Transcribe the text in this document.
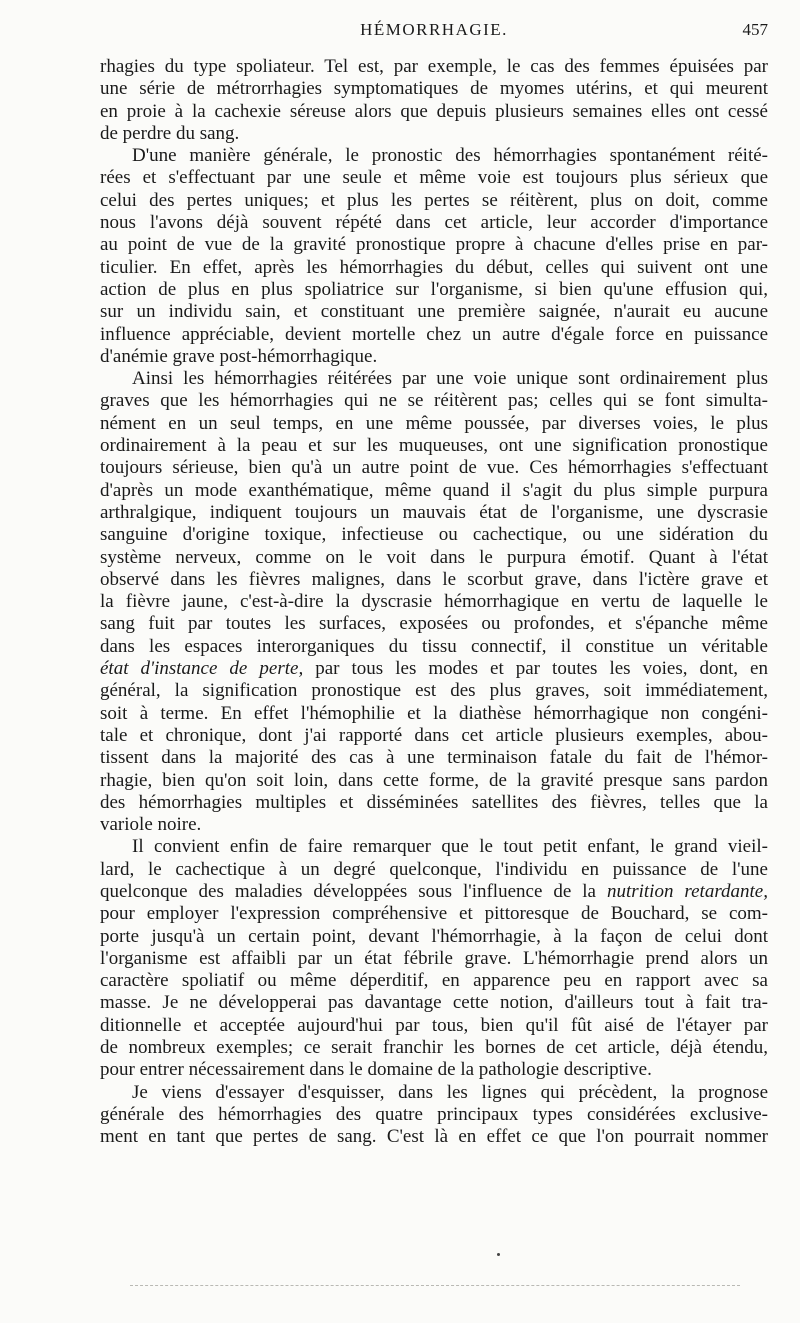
HÉMORRHAGIE.	457

rhagies du type spoliateur. Tel est, par exemple, le cas des femmes épuisées par
une série de métrorrhagies symptomatiques de myomes utérins, et qui meurent
en proie à la cachexie séreuse alors que depuis plusieurs semaines elles ont cessé
de perdre du sang.

D'une manière générale, le pronostic des hémorrhagies spontanément réité-
rées et s'effectuant par une seule et même voie est toujours plus sérieux que
celui des pertes uniques; et plus les pertes se réitèrent, plus on doit, comme
nous l'avons déjà souvent répété dans cet article, leur accorder d'importance
au point de vue de la gravité pronostique propre à chacune d'elles prise en par-
ticulier. En effet, après les hémorrhagies du début, celles qui suivent ont une
action de plus en plus spoliatrice sur l'organisme, si bien qu'une effusion qui,
sur un individu sain, et constituant une première saignée, n'aurait eu aucune
influence appréciable, devient mortelle chez un autre d'égale force en puissance
d'anémie grave post-hémorrhagique.

Ainsi les hémorrhagies réitérées par une voie unique sont ordinairement plus
graves que les hémorrhagies qui ne se réitèrent pas; celles qui se font simulta-
nément en un seul temps, en une même poussée, par diverses voies, le plus
ordinairement à la peau et sur les muqueuses, ont une signification pronostique
toujours sérieuse, bien qu'à un autre point de vue. Ces hémorrhagies s'effectuant
d'après un mode exanthématique, même quand il s'agit du plus simple purpura
arthralgique, indiquent toujours un mauvais état de l'organisme, une dyscrasie
sanguine d'origine toxique, infectieuse ou cachectique, ou une sidération du
système nerveux, comme on le voit dans le purpura émotif. Quant à l'état
observé dans les fièvres malignes, dans le scorbut grave, dans l'ictère grave et
la fièvre jaune, c'est-à-dire la dyscrasie hémorrhagique en vertu de laquelle le
sang fuit par toutes les surfaces, exposées ou profondes, et s'épanche même
dans les espaces interorganiques du tissu connectif, il constitue un véritable
état d'instance de perte, par tous les modes et par toutes les voies, dont, en
général, la signification pronostique est des plus graves, soit immédiatement,
soit à terme. En effet l'hémophilie et la diathèse hémorrhagique non congéni-
tale et chronique, dont j'ai rapporté dans cet article plusieurs exemples, abou-
tissent dans la majorité des cas à une terminaison fatale du fait de l'hémor-
rhagie, bien qu'on soit loin, dans cette forme, de la gravité presque sans pardon
des hémorrhagies multiples et disséminées satellites des fièvres, telles que la
variole noire.

Il convient enfin de faire remarquer que le tout petit enfant, le grand vieil-
lard, le cachectique à un degré quelconque, l'individu en puissance de l'une
quelconque des maladies développées sous l'influence de la nutrition retardante,
pour employer l'expression compréhensive et pittoresque de Bouchard, se com-
porte jusqu'à un certain point, devant l'hémorrhagie, à la façon de celui dont
l'organisme est affaibli par un état fébrile grave. L'hémorrhagie prend alors un
caractère spoliatif ou même déperditif, en apparence peu en rapport avec sa
masse. Je ne développerai pas davantage cette notion, d'ailleurs tout à fait tra-
ditionnelle et acceptée aujourd'hui par tous, bien qu'il fût aisé de l'étayer par
de nombreux exemples; ce serait franchir les bornes de cet article, déjà étendu,
pour entrer nécessairement dans le domaine de la pathologie descriptive.

Je viens d'essayer d'esquisser, dans les lignes qui précèdent, la prognose
générale des hémorrhagies des quatre principaux types considérées exclusive-
ment en tant que pertes de sang. C'est là en effet ce que l'on pourrait nommer
